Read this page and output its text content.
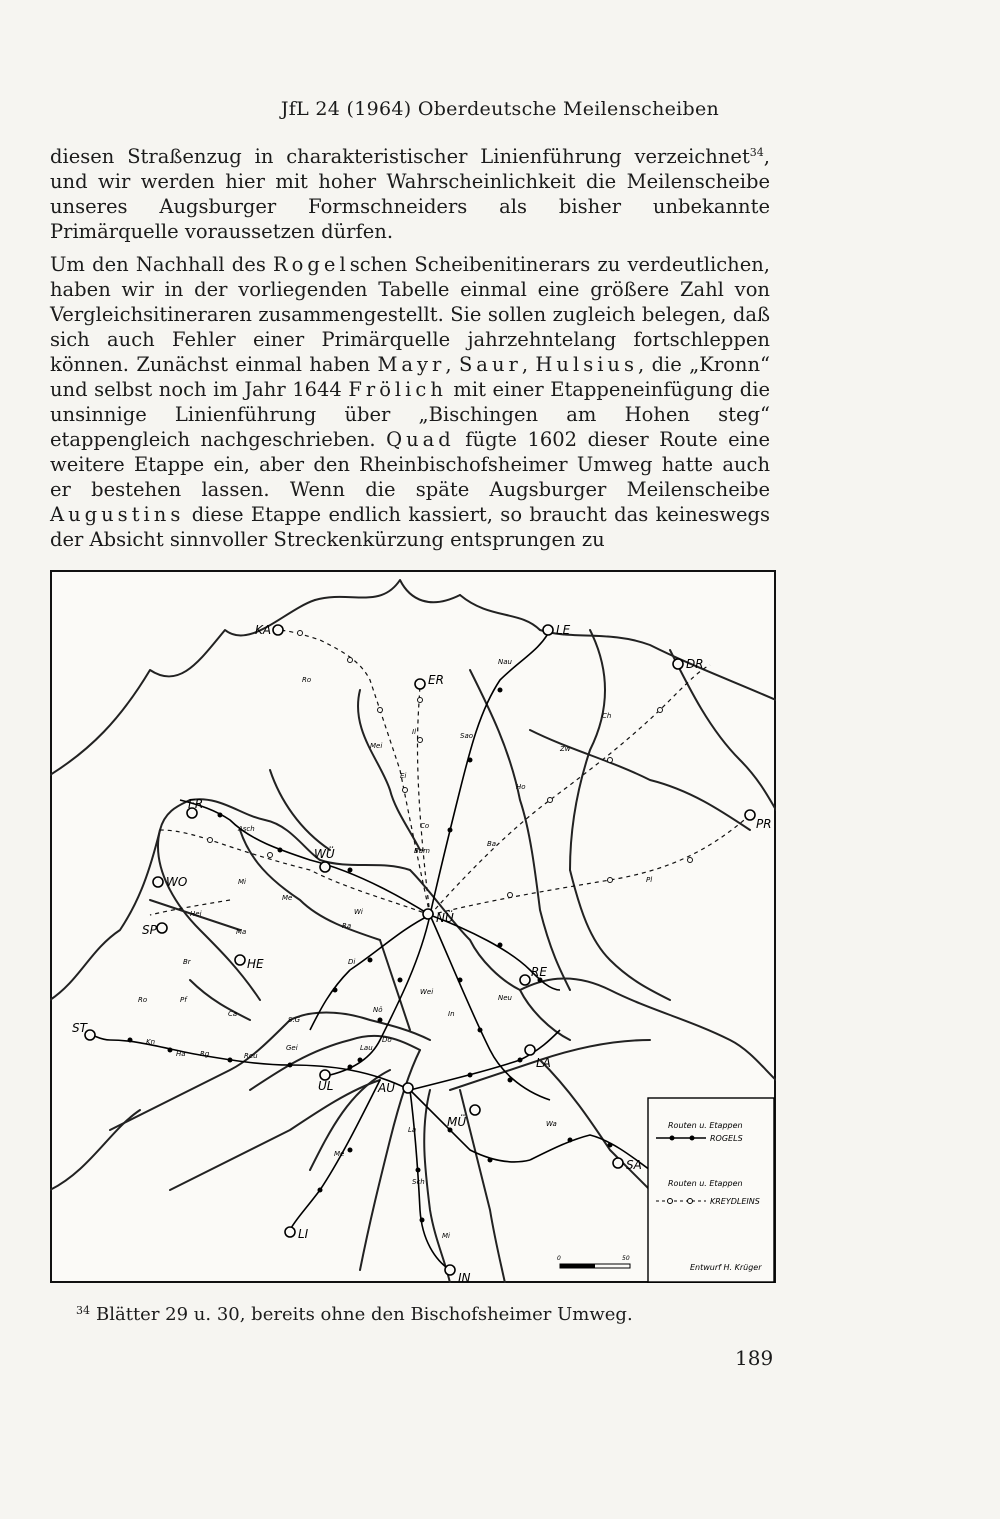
JfL 24 (1964) Oberdeutsche Meilenscheiben

diesen Straßenzug in charakteristischer Linienführung verzeichnet$^{34}$, und wir werden hier mit hoher Wahrscheinlichkeit die Meilenscheibe unseres Augsburger Formschneiders als bisher unbekannte Primärquelle voraussetzen dürfen.

Um den Nachhall des Rogelschen Scheibenitinerars zu verdeutlichen, haben wir in der vorliegenden Tabelle einmal eine größere Zahl von Vergleichsitineraren zusammengestellt. Sie sollen zugleich belegen, daß sich auch Fehler einer Primärquelle jahrzehntelang fortschleppen können. Zunächst einmal haben Mayr, Saur, Hulsius, die „Kronn“ und selbst noch im Jahr 1644 Frölich mit einer Etappeneinfügung die unsinnige Linienführung über „Bischingen am Hohen steg“ etappengleich nachgeschrieben. Quad fügte 1602 dieser Route eine weitere Etappe ein, aber den Rheinbischofsheimer Umweg hatte auch er bestehen lassen. Wenn die späte Augsburger Meilenscheibe Augustins diese Etappe endlich kassiert, so braucht das keineswegs der Absicht sinnvoller Streckenkürzung entsprungen zu

KA	LE
ER
DR
FR
WÜ
PR
WO
NÜ
SP
HE
RE
ST
LA
UL	AU
MÜ
SA
LI
IN
Ro
Nau
Il
Mei
Sao
Ch
Zw
Ei
Ho
Co
Asch
Bam
Ba
Pl
Mi
Hei
Me
Wi
Ra
Ma
Br	Di
Ro	Pf
Ca
S.G
Nö
Wei
Neu
In
Do
Kn
Ha Rg	Reu
Gei	Lau
Wa
Me
La
Sch
Mi
Routen u. Etappen
ROGELS
Routen u. Etappen
KREYDLEINS
Entwurf H. Krüger
0	50
$^{34}$ Blätter 29 u. 30, bereits ohne den Bischofsheimer Umweg.
189
